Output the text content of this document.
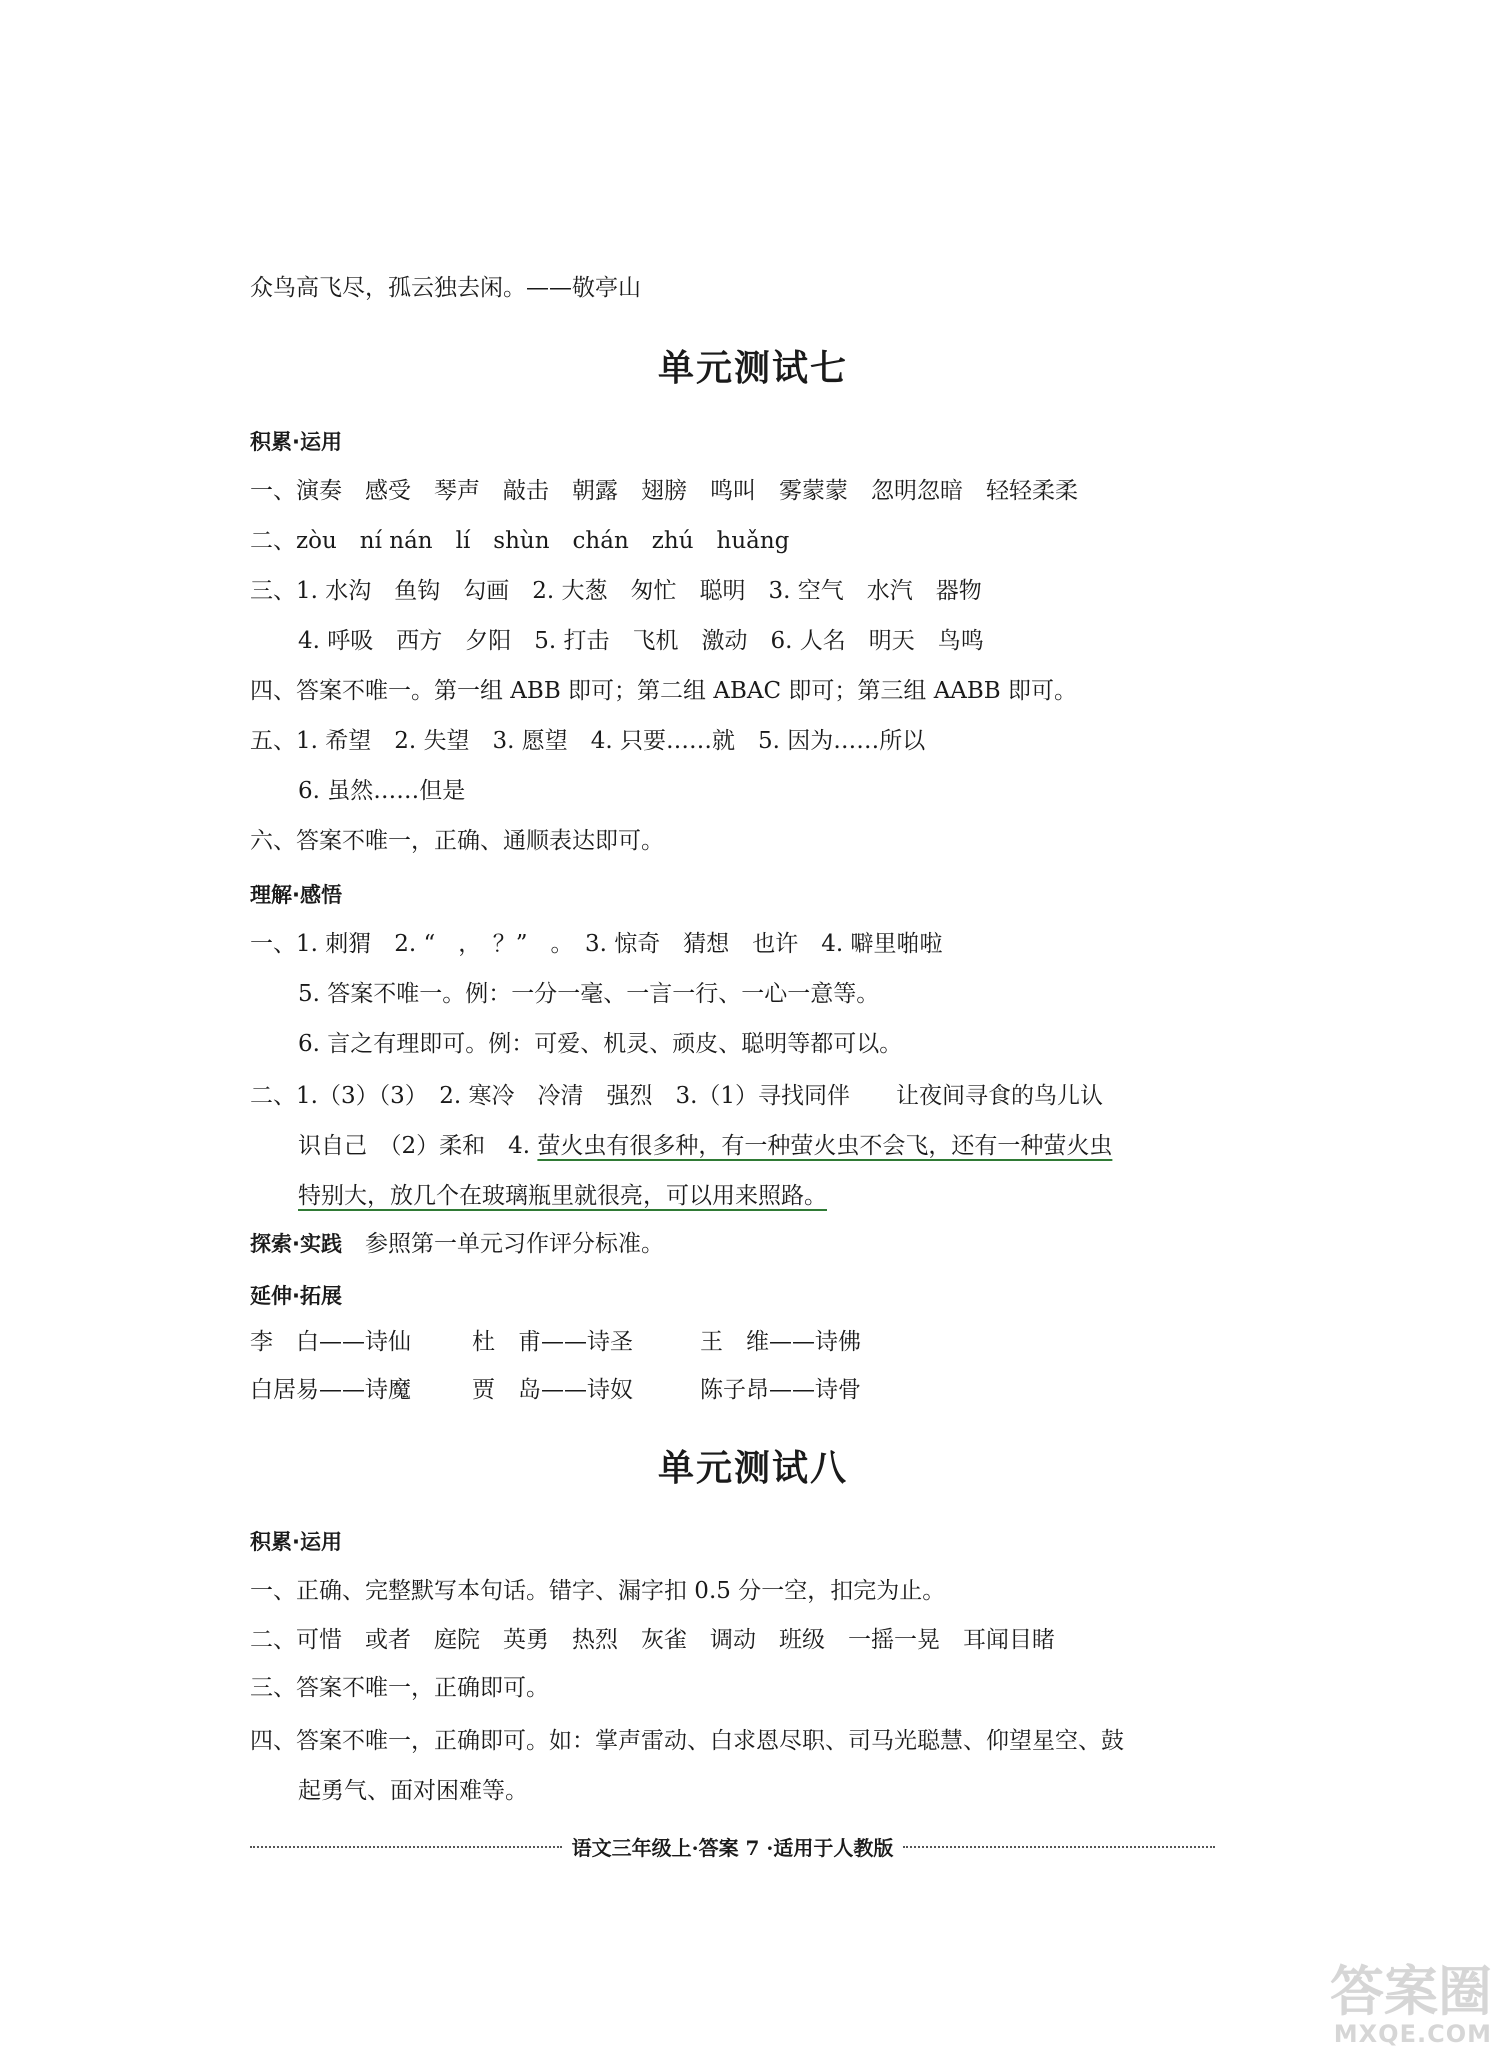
众鸟高飞尽，孤云独去闲。——敬亭山
单元测试七
积累·运用
一、演奏　感受　琴声　敲击　朝露　翅膀　鸣叫　雾蒙蒙　忽明忽暗　轻轻柔柔
二、zòu　ní nán　lí　shùn　chán　zhú　huǎng
三、1. 水沟　鱼钩　勾画　2. 大葱　匆忙　聪明　3. 空气　水汽　器物
4. 呼吸　西方　夕阳　5. 打击　飞机　激动　6. 人名　明天　鸟鸣
四、答案不唯一。第一组 ABB 即可；第二组 ABAC 即可；第三组 AABB 即可。
五、1. 希望　2. 失望　3. 愿望　4. 只要……就　5. 因为……所以
6. 虽然……但是
六、答案不唯一，正确、通顺表达即可。
理解·感悟
一、1. 刺猬　2. “　，　？”　。　3. 惊奇　猜想　也许　4. 噼里啪啦
5. 答案不唯一。例：一分一毫、一言一行、一心一意等。
6. 言之有理即可。例：可爱、机灵、顽皮、聪明等都可以。
二、1.（3）（3）　2. 寒冷　冷清　强烈　3.（1）寻找同伴　　让夜间寻食的鸟儿认
识自己　（2）柔和　4. 萤火虫有很多种，有一种萤火虫不会飞，还有一种萤火虫
特别大，放几个在玻璃瓶里就很亮，可以用来照路。
探索·实践　 参照第一单元习作评分标准。
延伸·拓展
李　白——诗仙	杜　甫——诗圣	王　维——诗佛
白居易——诗魔	贾　岛——诗奴	陈子昂——诗骨
单元测试八
积累·运用
一、正确、完整默写本句话。错字、漏字扣 0.5 分一空，扣完为止。
二、可惜　或者　庭院　英勇　热烈　灰雀　调动　班级　一摇一晃　耳闻目睹
三、答案不唯一，正确即可。
四、答案不唯一，正确即可。如：掌声雷动、白求恩尽职、司马光聪慧、仰望星空、鼓
起勇气、面对困难等。
语文三年级上·答案 7 ·适用于人教版
答案圈
MXQE.COM
